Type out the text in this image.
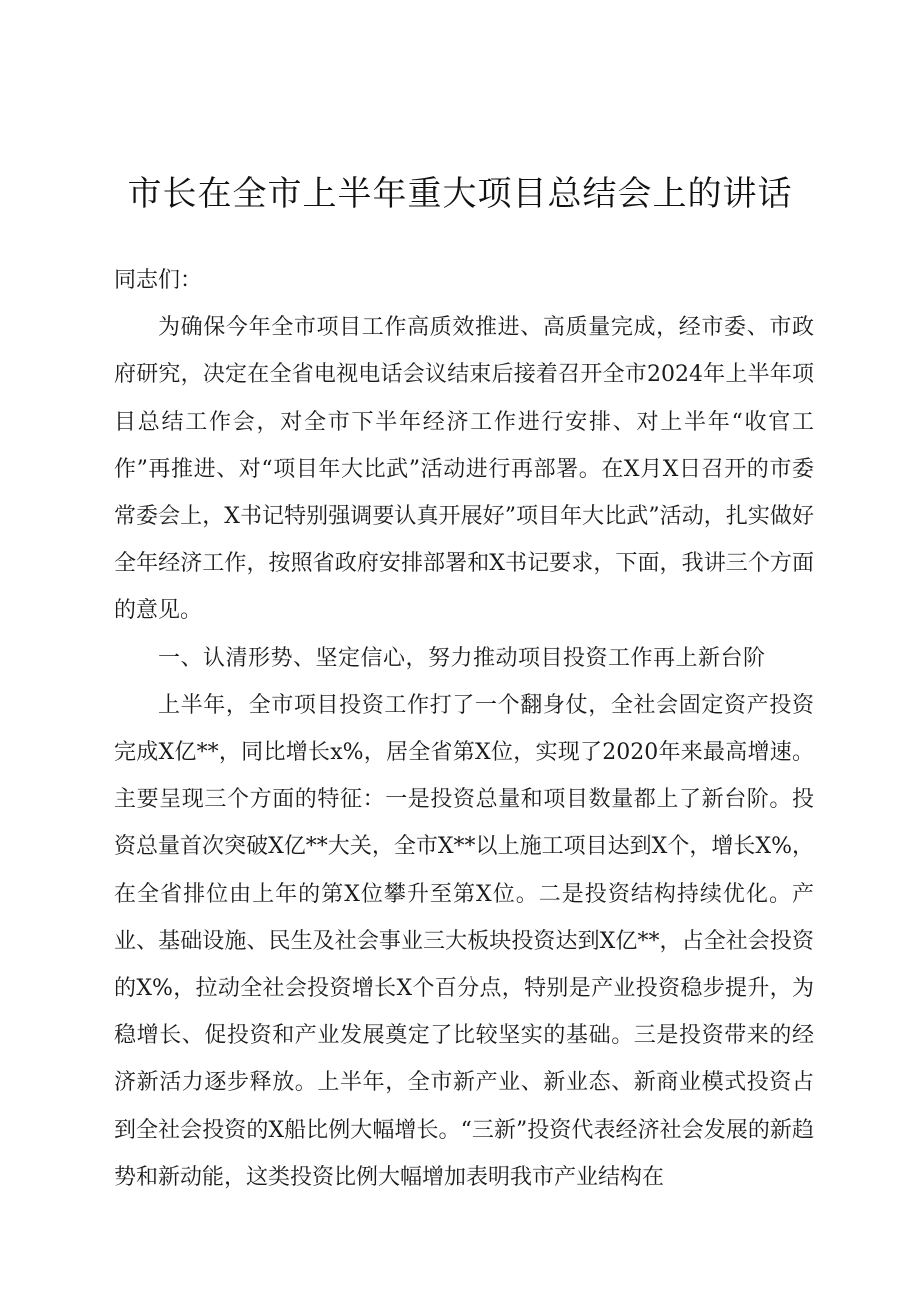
市长在全市上半年重大项目总结会上的讲话

同志们：

为确保今年全市项目工作高质效推进、高质量完成，经市委、市政府研究，决定在全省电视电话会议结束后接着召开全市2024年上半年项目总结工作会，对全市下半年经济工作进行安排、对上半年“收官工作”再推进、对“项目年大比武”活动进行再部署。在X月X日召开的市委常委会上，X书记特别强调要认真开展好”项目年大比武”活动，扎实做好全年经济工作，按照省政府安排部署和X书记要求，下面，我讲三个方面的意见。

一、认清形势、坚定信心，努力推动项目投资工作再上新台阶

上半年，全市项目投资工作打了一个翻身仗，全社会固定资产投资完成X亿**，同比增长x%，居全省第X位，实现了2020年来最高增速。主要呈现三个方面的特征：一是投资总量和项目数量都上了新台阶。投资总量首次突破X亿**大关，全市X**以上施工项目达到X个，增长X%，在全省排位由上年的第X位攀升至第X位。二是投资结构持续优化。产业、基础设施、民生及社会事业三大板块投资达到X亿**，占全社会投资的X%，拉动全社会投资增长X个百分点，特别是产业投资稳步提升，为稳增长、促投资和产业发展奠定了比较坚实的基础。三是投资带来的经济新活力逐步释放。上半年，全市新产业、新业态、新商业模式投资占到全社会投资的X船比例大幅增长。“三新”投资代表经济社会发展的新趋势和新动能，这类投资比例大幅增加表明我市产业结构在
